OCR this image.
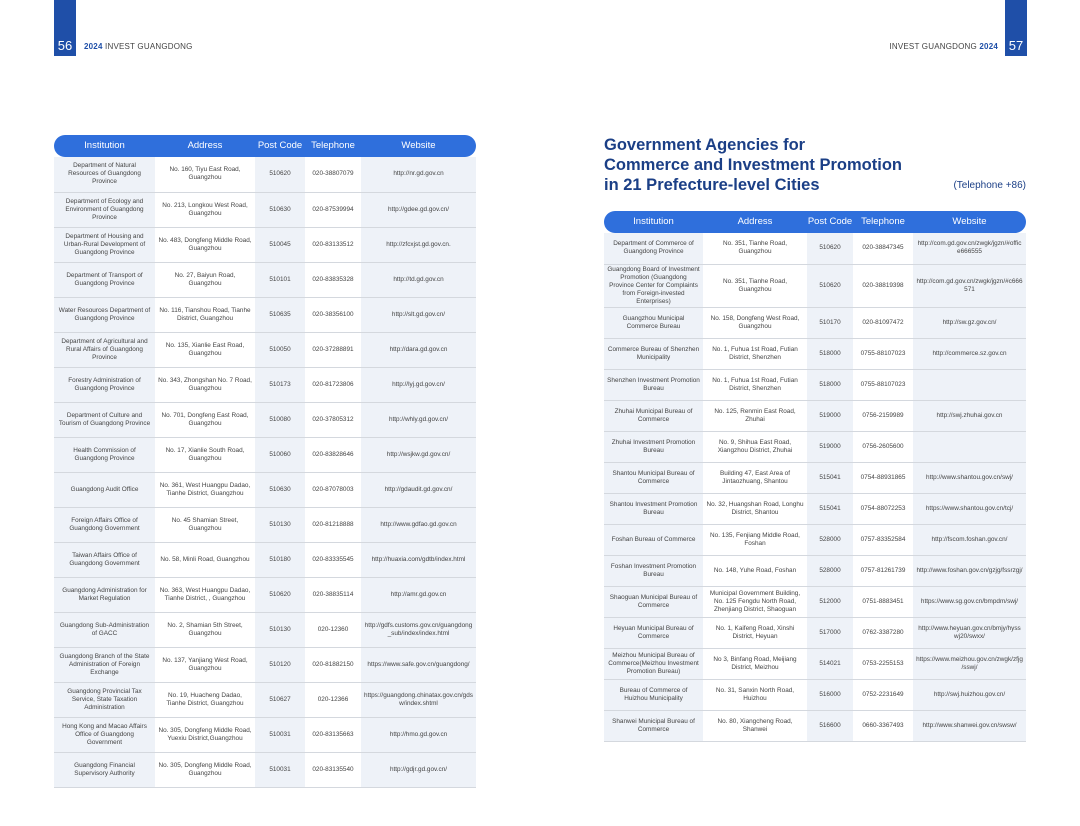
56	2024 INVEST GUANGDONG	INVEST GUANGDONG 2024 57
Institution	Address	Post Code	Telephone	Website
Department of Natural Resources of Guangdong Province	No. 160, Tiyu East Road, Guangzhou	510620	020-38807079	http://nr.gd.gov.cn
Department of Ecology and Environment of Guangdong Province	No. 213, Longkou West Road, Guangzhou	510630	020-87539994	http://gdee.gd.gov.cn/
Department of Housing and Urban-Rural Development of Guangdong Province	No. 483, Dongfeng Middle Road, Guangzhou	510045	020-83133512	http://zfcxjst.gd.gov.cn.
Department of Transport of Guangdong Province	No. 27, Baiyun Road, Guangzhou	510101	020-83835328	http://td.gd.gov.cn
Water Resources Department of Guangdong Province	No. 116, Tianshou Road, Tianhe District, Guangzhou	510635	020-38356100	http://slt.gd.gov.cn/
Department of Agricultural and Rural Affairs of Guangdong Province	No. 135, Xianlie East Road, Guangzhou	510050	020-37288891	http://dara.gd.gov.cn
Forestry Administration of Guangdong Province	No. 343, Zhongshan No. 7 Road, Guangzhou	510173	020-81723806	http://lyj.gd.gov.cn/
Department of Culture and Tourism of Guangdong Province	No. 701, Dongfeng East Road, Guangzhou	510080	020-37805312	http://whly.gd.gov.cn/
Health Commission of Guangdong Province	No. 17, Xianlie South Road, Guangzhou	510060	020-83828646	http://wsjkw.gd.gov.cn/
Guangdong Audit Office	No. 361, West Huangpu Dadao, Tianhe District, Guangzhou	510630	020-87078003	http://gdaudit.gd.gov.cn/
Foreign Affairs Office of Guangdong Government	No. 45 Shamian Street, Guangzhou	510130	020-81218888	http://www.gdfao.gd.gov.cn
Taiwan Affairs Office of Guangdong Government	No. 58, Minli Road, Guangzhou	510180	020-83335545	http://huaxia.com/gdtb/index.html
Guangdong Administration for Market Regulation	No. 363, West Huangpu Dadao, Tianhe District, , Guangzhou	510620	020-38835114	http://amr.gd.gov.cn
Guangdong Sub-Administration of GACC	No. 2, Shamian 5th Street, Guangzhou	510130	020-12360	http://gdfs.customs.gov.cn/guangdong_sub/index/index.html
Guangdong Branch of the State Administration of Foreign Exchange	No. 137, Yanjiang West Road, Guangzhou	510120	020-81882150	https://www.safe.gov.cn/guangdong/
Guangdong Provincial Tax Service, State Taxation Administration	No. 19, Huacheng Dadao, Tianhe District, Guangzhou	510627	020-12366	https://guangdong.chinatax.gov.cn/gdsw/index.shtml
Hong Kong and Macao Affairs Office of Guangdong Government	No. 305, Dongfeng Middle Road, Yuexiu District,Guangzhou	510031	020-83135663	http://hmo.gd.gov.cn
Guangdong Financial Supervisory Authority	No. 305, Dongfeng Middle Road, Guangzhou	510031	020-83135540	http://gdjr.gd.gov.cn/
Government Agencies for
Commerce and Investment Promotion
in 21 Prefecture-level Cities	(Telephone +86)
Institution	Address	Post Code	Telephone	Website
Department of Commerce of Guangdong Province	No. 351, Tianhe Road, Guangzhou	510620	020-38847345	http://com.gd.gov.cn/zwgk/jgzn/#office666555
Guangdong Board of Investment Promotion (Guangdong Province Center for Complaints from Foreign-invested Enterprises)	No. 351, Tianhe Road, Guangzhou	510620	020-38819398	http://com.gd.gov.cn/zwgk/jgzn/#c666571
Guangzhou Municipal Commerce Bureau	No. 158, Dongfeng West Road, Guangzhou	510170	020-81097472	http://sw.gz.gov.cn/
Commerce Bureau of Shenzhen Municipality	No. 1, Fuhua 1st Road, Futian District, Shenzhen	518000	0755-88107023	http://commerce.sz.gov.cn
Shenzhen Investment Promotion Bureau	No. 1, Fuhua 1st Road, Futian District, Shenzhen	518000	0755-88107023	
Zhuhai Municipal Bureau of Commerce	No. 125, Renmin East Road, Zhuhai	519000	0756-2159989	http://swj.zhuhai.gov.cn
Zhuhai Investment Promotion Bureau	No. 9, Shihua East Road, Xiangzhou District, Zhuhai	519000	0756-2605600	
Shantou Municipal Bureau of Commerce	Building 47, East Area of Jintaozhuang, Shantou	515041	0754-88931865	http://www.shantou.gov.cn/swj/
Shantou Investment Promotion Bureau	No. 32, Huangshan Road, Longhu District, Shantou	515041	0754-88072253	https://www.shantou.gov.cn/tcj/
Foshan Bureau of Commerce	No. 135, Fenjiang Middle Road, Foshan	528000	0757-83352584	http://fscom.foshan.gov.cn/
Foshan Investment Promotion Bureau	No. 148, Yuhe Road, Foshan	528000	0757-81261739	http://www.foshan.gov.cn/gzjg/fssrzgj/
Shaoguan Municipal Bureau of Commerce	Municipal Government Building, No. 125 Fengdu North Road, Zhenjiang District, Shaoguan	512000	0751-8883451	https://www.sg.gov.cn/bmpdm/swj/
Heyuan Municipal Bureau of Commerce	No. 1, Kaifeng Road, Xinshi District, Heyuan	517000	0762-3387280	http://www.heyuan.gov.cn/bmjy/hysswj20/swxx/
Meizhou Municipal Bureau of Commerce(Meizhou Investment Promotion Bureau)	No 3, Binfang Road, Meijiang District, Meizhou	514021	0753-2255153	https://www.meizhou.gov.cn/zwgk/zfjg/sswj/
Bureau of Commerce of Huizhou Municipality	No. 31, Sanxin North Road, Huizhou	516000	0752-2231649	http://swj.huizhou.gov.cn/
Shanwei Municipal Bureau of Commerce	No. 80, Xiangcheng Road, Shanwei	516600	0660-3367493	http://www.shanwei.gov.cn/swsw/
